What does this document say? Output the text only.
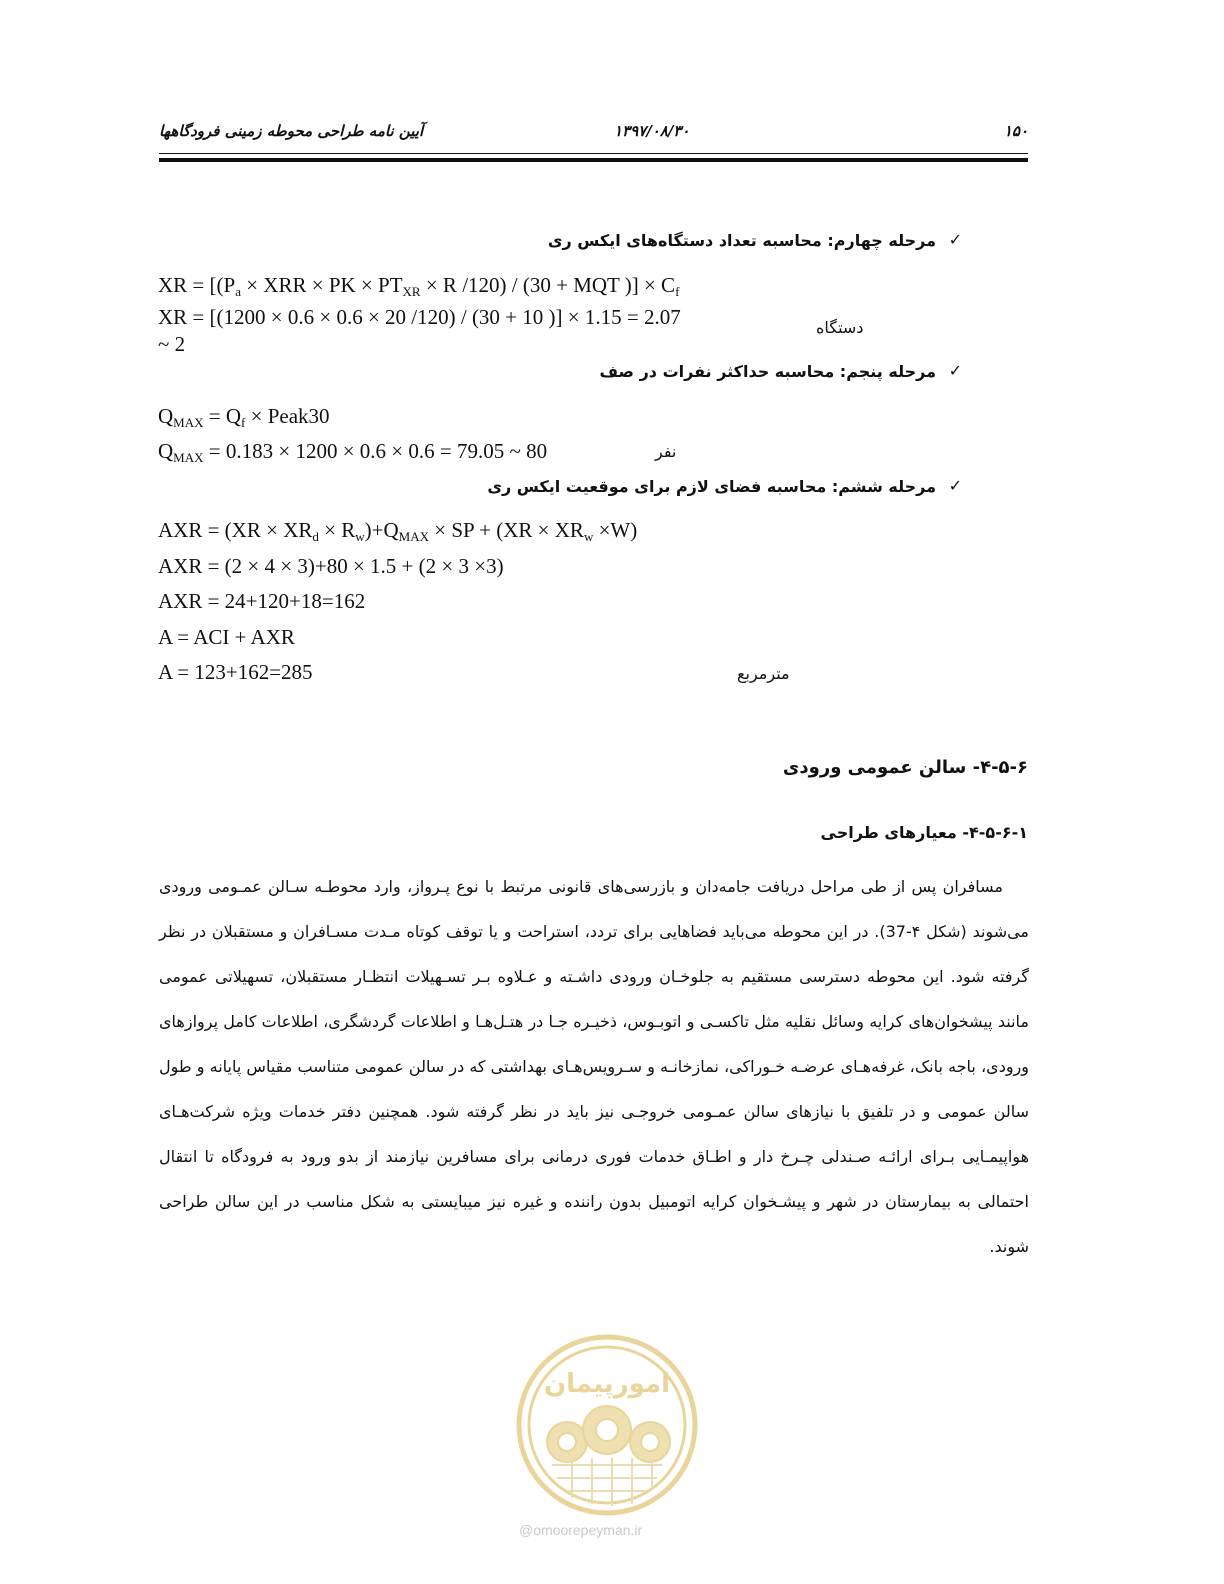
آیین نامه طراحی محوطه زمینی فرودگاهها	۱۳۹۷/۰۸/۳۰	۱۵۰
مرحله چهارم: محاسبه تعداد دستگاه‌های ایکس ری ✓
XR = [($P_a$ × XRR × PK × $PT_{XR} \times R$ /120) / (30 + MQT )] × $C_f$
XR = [(1200 × 0.6 × 0.6 × 20 /120) / (30 + 10 )] × 1.15 = 2.07
~ 2
دستگاه
مرحله پنجم: محاسبه حداکثر نفرات در صف ✓
$Q_{MAX} = Q_f$ × Peak30
$Q_{MAX} = 0.183 \times 1200 \times 0.6 \times 0.6 = 79.05$ ~ 80	نفر
مرحله ششم: محاسبه فضای لازم برای موقعیت ایکس ری ✓
AXR = $(XR \times XR_d \times R_w)+Q_{MAX}$ × SP + $(XR \times XR_w \times W)$
AXR = (2 × 4 × 3)+80 × 1.5 + (2 × 3 ×3)
AXR = 24+120+18=162
A = ACI + AXR
A = 123+162=285	مترمربع
۴-۵-۶- سالن عمومی ورودی
۴-۵-۶-۱- معیارهای طراحی
مسافران پس از طی مراحل دریافت جامه‌دان و بازرسی‌های قانونی مرتبط با نوع پـرواز، وارد محوطـه سـالن عمـومی ورودی می‌شوند (شکل ۴-37). در این محوطه می‌باید فضاهایی برای تردد، استراحت و یا توقف کوتاه مـدت مسـافران و مستقبلان در نظر گرفته شود. این محوطه دسترسی مستقیم به جلوخـان ورودی داشـته و عـلاوه بـر تسـهیلات انتظـار مستقبلان، تسهیلاتی عمومی مانند پیشخوان‌های کرایه وسائل نقلیه مثل تاکسـی و اتوبـوس، ذخیـره جـا در هتـل‌هـا و اطلاعات گردشگری، اطلاعات کامل پروازهای ورودی، باجه بانک، غرفه‌هـای عرضـه خـوراکی، نمازخانـه و سـرویس‌هـای بهداشتی که در سالن عمومی متناسب مقیاس پایانه و طول سالن عمومی و در تلفیق با نیازهای سالن عمـومی خروجـی نیز باید در نظر گرفته شود. همچنین دفتر خدمات ویژه شرکت‌هـای هواپیمـایی بـرای ارائـه صـندلی چـرخ دار و اطـاق خدمات فوری درمانی برای مسافرین نیازمند از بدو ورود به فرودگاه تا انتقال احتمالی به بیمارستان در شهر و پیشـخوان کرایه اتومبیل بدون راننده و غیره نیز میبایستی به شکل مناسب در این سالن طراحی شوند.
امورپیمان
@omoorepeyman.ir
